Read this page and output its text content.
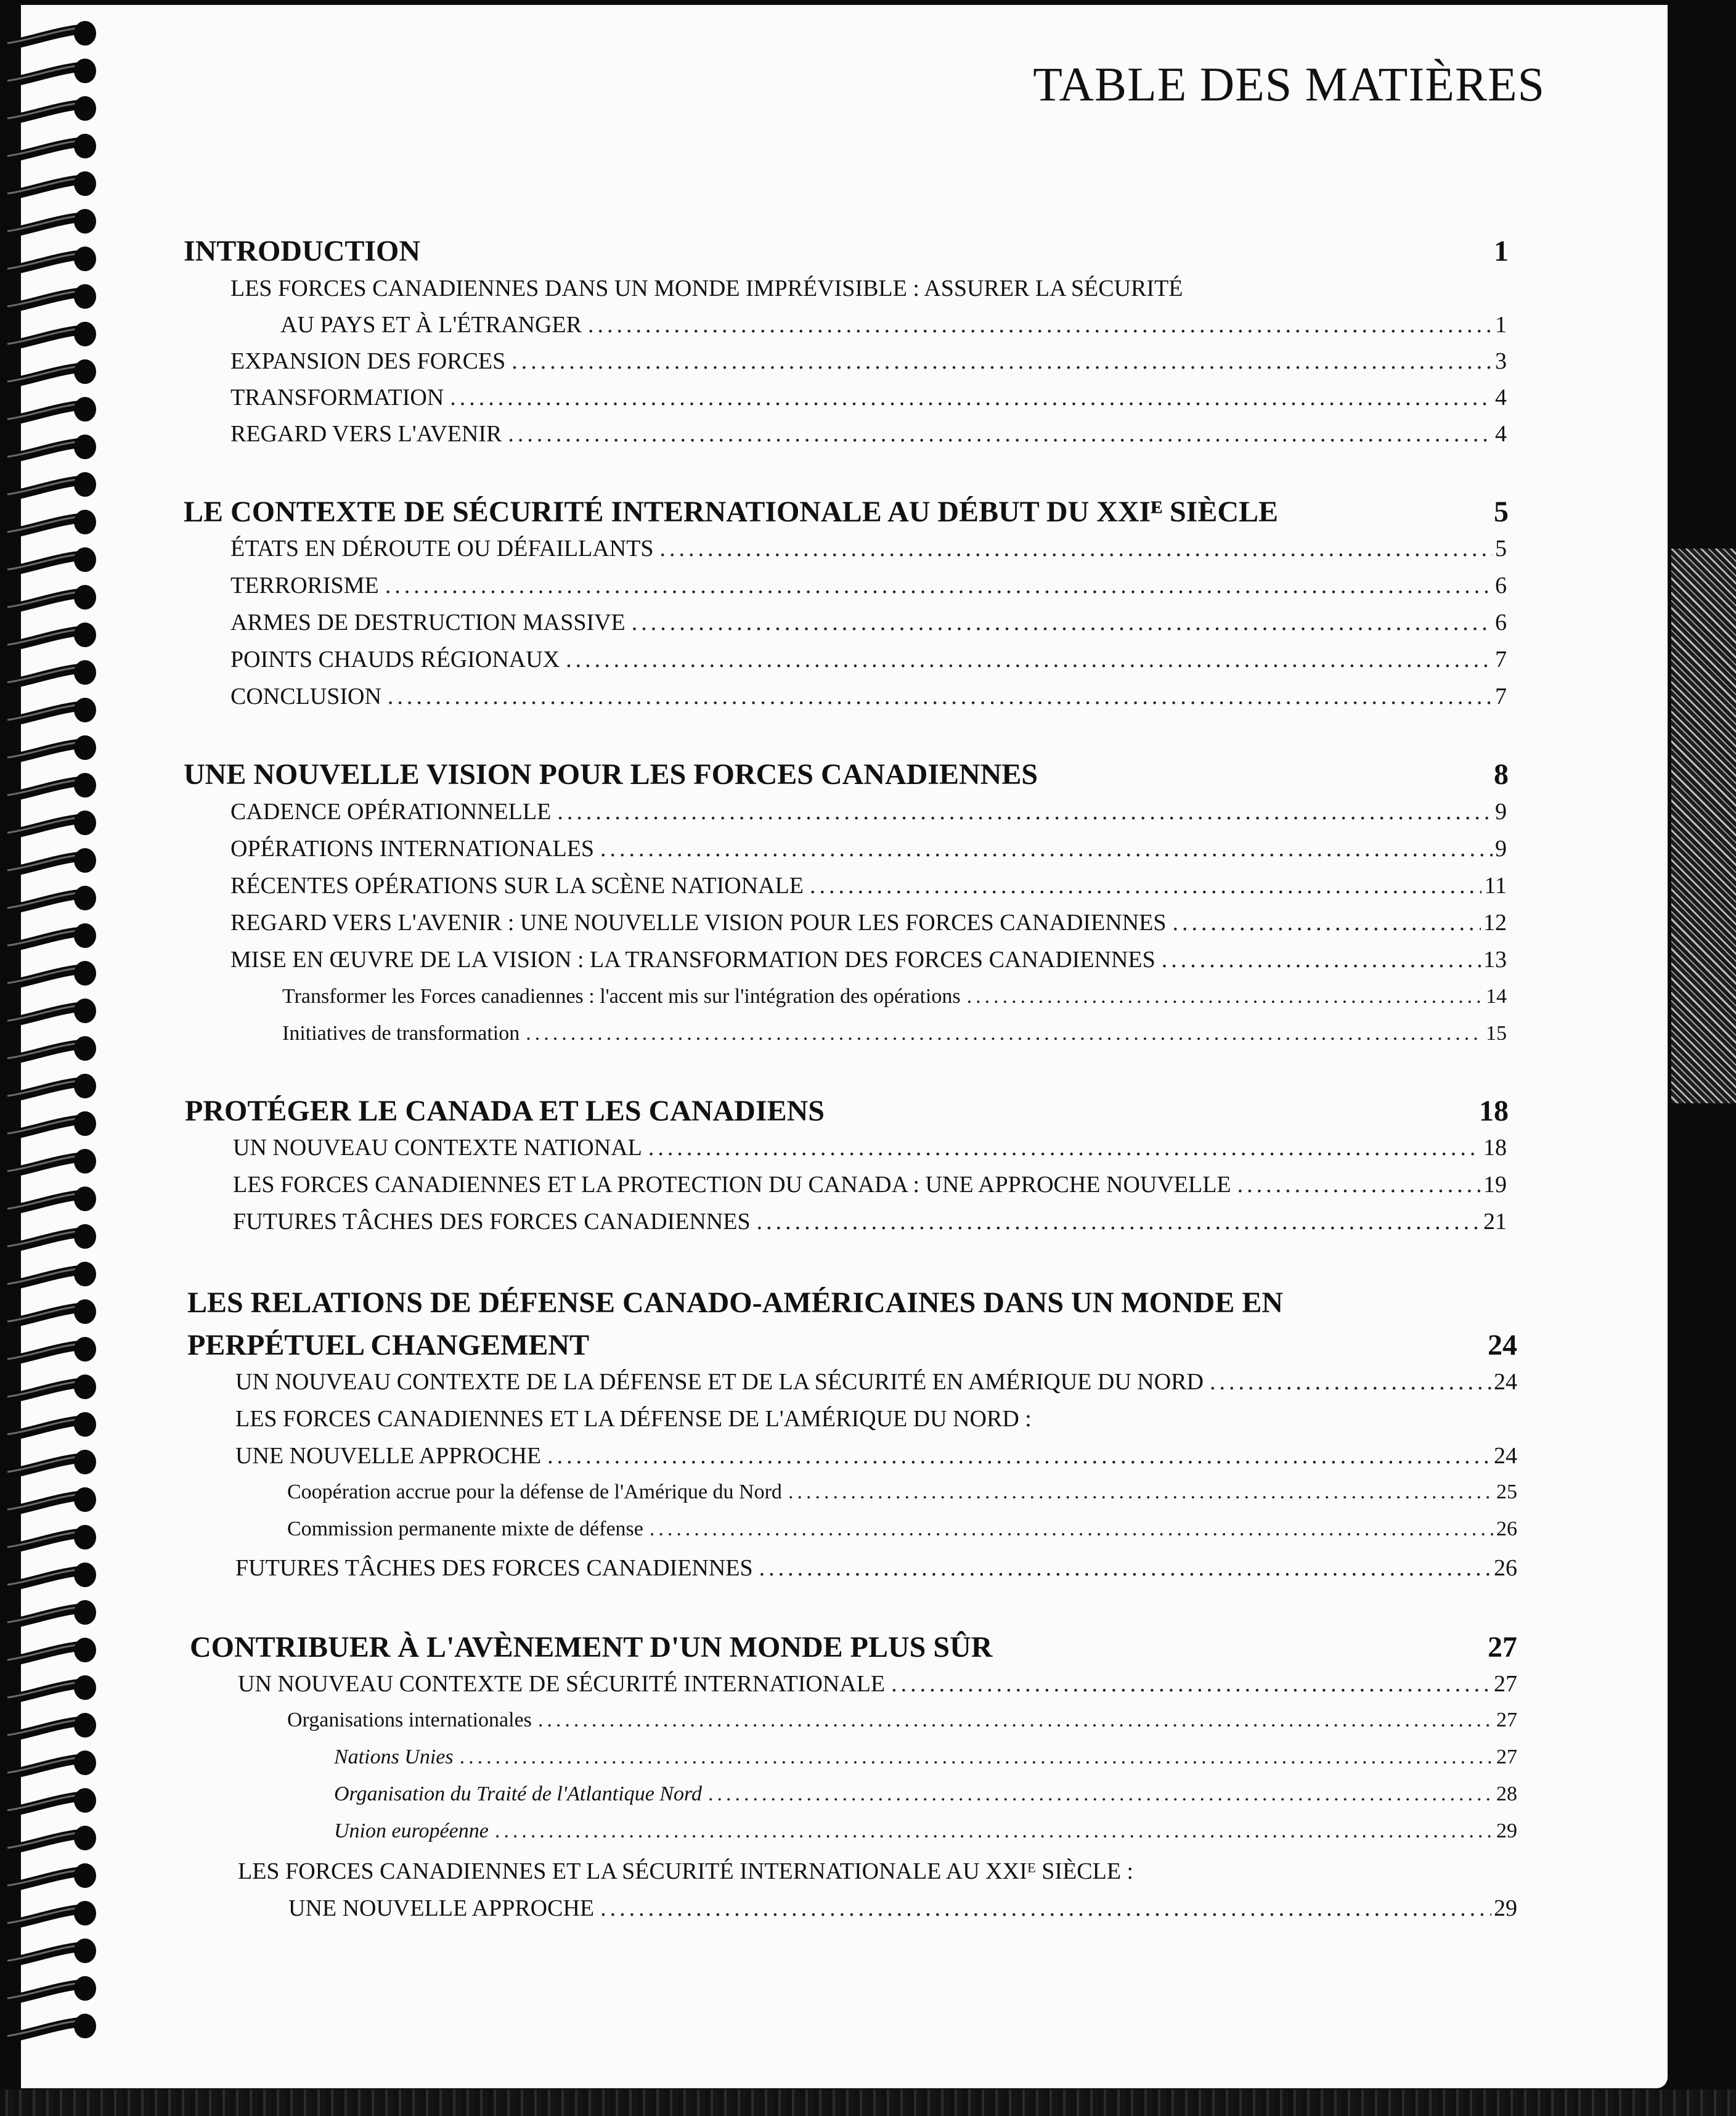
TABLE DES MATIÈRES
INTRODUCTION	1
LES FORCES CANADIENNES DANS UN MONDE IMPRÉVISIBLE : ASSURER LA SÉCURITÉ
AU PAYS ET À L'ÉTRANGER .....	1
EXPANSION DES FORCES .....	3
TRANSFORMATION .....	4
REGARD VERS L'AVENIR .....	4
LE CONTEXTE DE SÉCURITÉ INTERNATIONALE AU DÉBUT DU XXIᴱ SIÈCLE	5
ÉTATS EN DÉROUTE OU DÉFAILLANTS .....	5
TERRORISME .....	6
ARMES DE DESTRUCTION MASSIVE .....	6
POINTS CHAUDS RÉGIONAUX .....	7
CONCLUSION .....	7
UNE NOUVELLE VISION POUR LES FORCES CANADIENNES	8
CADENCE OPÉRATIONNELLE .....	9
OPÉRATIONS INTERNATIONALES .....	9
RÉCENTES OPÉRATIONS SUR LA SCÈNE NATIONALE .....	11
REGARD VERS L'AVENIR : UNE NOUVELLE VISION POUR LES FORCES CANADIENNES .....	12
MISE EN ŒUVRE DE LA VISION : LA TRANSFORMATION DES FORCES CANADIENNES .....	13
Transformer les Forces canadiennes : l'accent mis sur l'intégration des opérations .....	14
Initiatives de transformation .....	15
PROTÉGER LE CANADA ET LES CANADIENS	18
UN NOUVEAU CONTEXTE NATIONAL .....	18
LES FORCES CANADIENNES ET LA PROTECTION DU CANADA : UNE APPROCHE NOUVELLE .....	19
FUTURES TÂCHES DES FORCES CANADIENNES .....	21
LES RELATIONS DE DÉFENSE CANADO-AMÉRICAINES DANS UN MONDE EN
PERPÉTUEL CHANGEMENT	24
UN NOUVEAU CONTEXTE DE LA DÉFENSE ET DE LA SÉCURITÉ EN AMÉRIQUE DU NORD .....	24
LES FORCES CANADIENNES ET LA DÉFENSE DE L'AMÉRIQUE DU NORD :
UNE NOUVELLE APPROCHE .....	24
Coopération accrue pour la défense de l'Amérique du Nord .....	25
Commission permanente mixte de défense .....	26
FUTURES TÂCHES DES FORCES CANADIENNES .....	26
CONTRIBUER À L'AVÈNEMENT D'UN MONDE PLUS SÛR	27
UN NOUVEAU CONTEXTE DE SÉCURITÉ INTERNATIONALE .....	27
Organisations internationales .....	27
Nations Unies .....	27
Organisation du Traité de l'Atlantique Nord .....	28
Union européenne .....	29
LES FORCES CANADIENNES ET LA SÉCURITÉ INTERNATIONALE AU XXIᴱ SIÈCLE :
UNE NOUVELLE APPROCHE .....	29
